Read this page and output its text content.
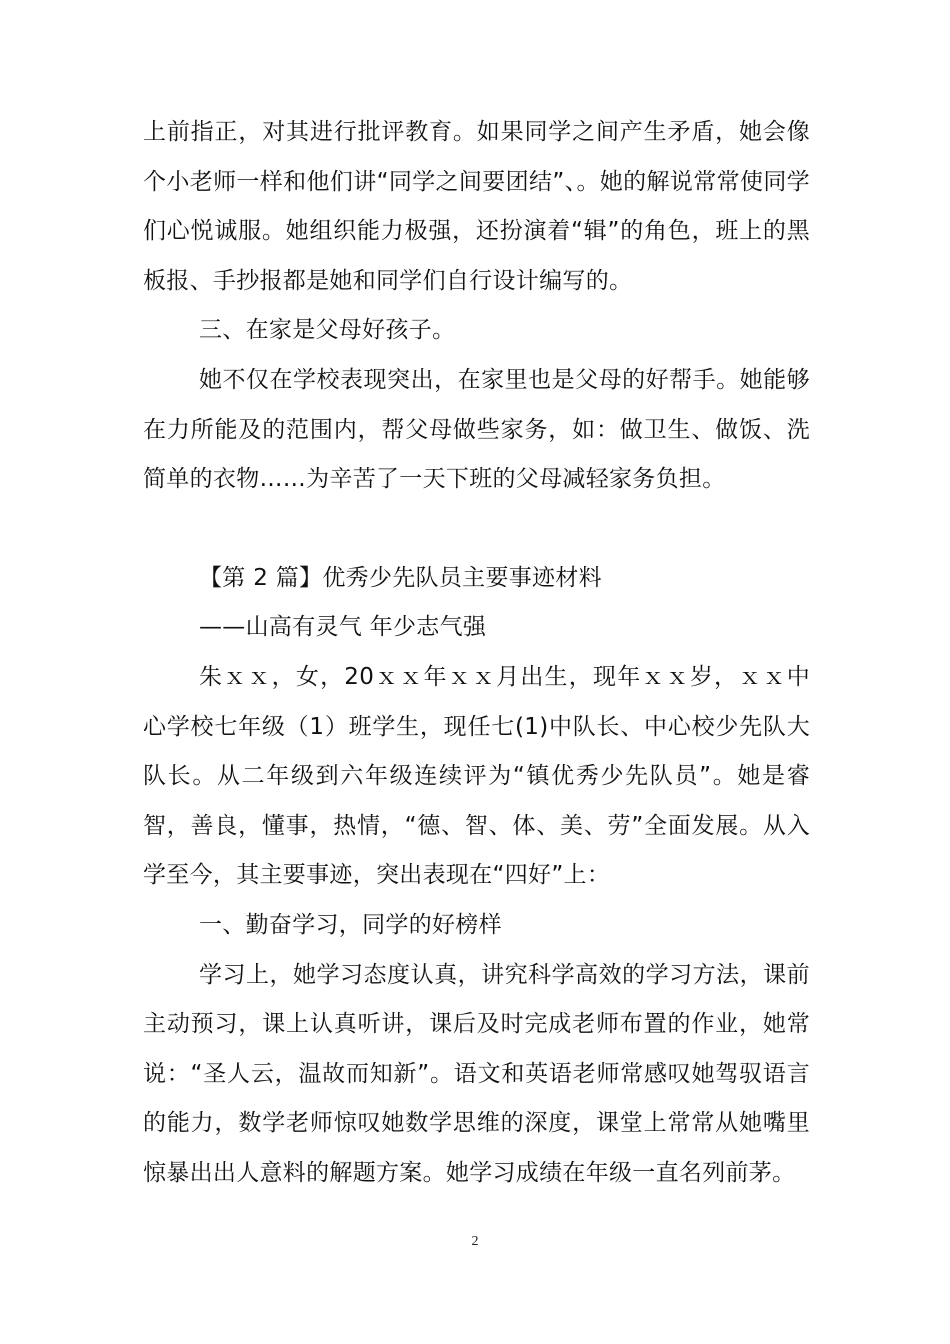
上前指正，对其进行批评教育。如果同学之间产生矛盾，她会像个小老师一样和他们讲“同学之间要团结”、。她的解说常常使同学们心悦诚服。她组织能力极强，还扮演着“辑”的角色，班上的黑板报、手抄报都是她和同学们自行设计编写的。

三、在家是父母好孩子。

她不仅在学校表现突出，在家里也是父母的好帮手。她能够在力所能及的范围内，帮父母做些家务，如：做卫生、做饭、洗简单的衣物……为辛苦了一天下班的父母减轻家务负担。

【第 2 篇】优秀少先队员主要事迹材料

——山高有灵气 年少志气强

朱ｘｘ，女，20ｘｘ年ｘｘ月出生，现年ｘｘ岁，ｘｘ中心学校七年级（1）班学生，现任七(1)中队长、中心校少先队大队长。从二年级到六年级连续评为“镇优秀少先队员”。她是睿智，善良，懂事，热情，“德、智、体、美、劳”全面发展。从入学至今，其主要事迹，突出表现在“四好”上：

一、勤奋学习，同学的好榜样

学习上，她学习态度认真，讲究科学高效的学习方法，课前主动预习，课上认真听讲，课后及时完成老师布置的作业，她常说：“圣人云，温故而知新”。语文和英语老师常感叹她驾驭语言的能力，数学老师惊叹她数学思维的深度，课堂上常常从她嘴里惊暴出出人意料的解题方案。她学习成绩在年级一直名列前茅。

2
